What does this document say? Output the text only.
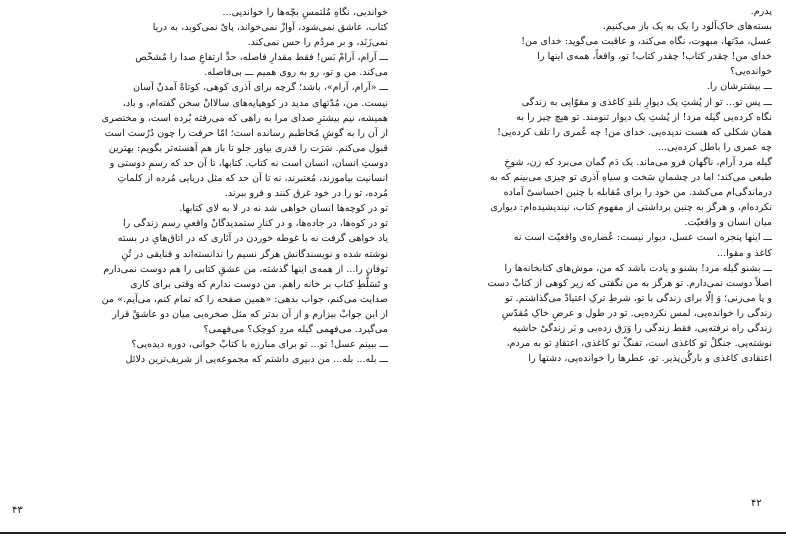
خواندیی، نگاهِ مُلتمسِ بچّه‌ها را خواندیی...

کتاب، عاشق نمی‌شود، آوازْ نمی‌خواند، پایْ نمی‌کوبد، به دریا

نمی‌زَنَد، و بر مردُم را حس نمی‌کند.

ـــ آرام، آرامْ بَس! فقط مقدارِ فاصله، حدِّ ارتفاعِ صدا را مُشخّص

می‌کند. من و تو، رو به روی همیم ـــ بی‌فاصله.

ـــ «آرام، آرام»، باشد؛ گرچه برای آذری کوهی، کوتاهْ آمدنْ آسان

نیست. من، مُدّتهای مدید در کوهپایه‌های سالاانْ سخن گفته‌ام، و باد،

همیشه، نیم بیشترِ صدای مرا به راهی که می‌رفته بُرده است، و مختصری

از آن را به گوشِ مُخاطبم رسانده است؛ امّا حرفت را چون دُرُست است

قبول می‌کنم. سَرَت را قدری بیاور جلو تا باز هم آهسته‌تر بگویم: بهترین

دوستِ انسان، انسان است نه کتاب. کتابها، تا آن حد که رسمِ دوستی و

انسانیت بیاموزند، مُعتبرند، نه تا آن حد که مثل دریایی مُرده از کلماتِ

مُرده، تو را در خود غرق کنند و فرو ببرند.

تو در کوچه‌ها انسان خواهی شد نه در لا به لای کتابها.

تو در کوه‌ها، در جاده‌ها، و در کنارِ ستمدیدگانْ واقعیِ رسم زندگی را

یاد خواهی گرفت نه با غوطه خوردن در آثاری که در اتاق‌هایِ در بسته

نوشته شده و نویسندگانش هرگز نسیم را ندانسته‌اند و قنایقی در تُنِ

توفان را... از همه‌ی اینها گذشته، من عشقِ کتابی را هم دوست نمی‌دارم

و تَسَلُّطِ کتاب بر خانه راهم. من دوست ندارم که وقتی برای کاری

صدایت می‌کنم، جواب بدهی: «همین صفحه را که تمام کنم، می‌آیم.» من

از این جوابْ بیزارم و از آن بدتر که مثل صخره‌یی میان دو عاشقْ قرار

می‌گیرد. می‌فهمی گیله مردِ کوچک؟ می‌فهمی؟

ـــ ببینم عسل! تو... تو برای مبارزه با کتابْ خوانی، دوره دیده‌یی؟

ـــ بله... بله... من دبیری داشتم که مجموعه‌یی از شریف‌ترین دلائل

۴۳

پدرم.

بسته‌های خاک‌آلود را یک به یک باز می‌کنیم.

عسل، مدّتها، مبهوت، نگاه می‌کند، و عاقبت می‌گوید: خدای من!

خدای من! چقدر کتاب! چقدر کتاب! تو، واقعاً، همه‌ی اینها را

خوانده‌یی؟

ـــ بیشترشان را.

ـــ پس تو... تو از پُشتِ یک دیوارِ بلندِ کاغذی و مقوّایی به زندگی

نگاه کرده‌یی گیله مرد! از پُشتِ یک دیوار تنومند. تو هیچ چیز را به

همان شکلی که هست ندیده‌یی. خدای من! چه عُمری را تلف کرده‌یی!

چه عمری را باطل کرده‌یی...

گیله مرد آرام، ناگهان فرو می‌ماند. یک دَم گمان می‌برد که زن، شوخِ

طبعی می‌کند؛ اما در چشمانِ سَخت و سیاهِ آذری تو چیزی می‌بینم که به

درماندگی‌ام می‌کشد. من خود را برای مُقابله با چنین احساسیْ آماده

نکرده‌ام، و هرگز به چنین برداشتی از مفهومِ کتاب، نیندیشیده‌ام: دیواری

میان انسان و واقعیّت.

ـــ اینها پنجره است عسل، دیوار نیست: عُصاره‌ی واقعیّت است نه

کاغذ و مقوا...

ـــ بشنو گیله مرد! بشنو و یادت باشد که من، موش‌های کتابخانه‌ها را

اصلاً دوست نمی‌دارم. تو هرگز به من نگفتی که زیر کوهی از کتابْ دست

و پا می‌زنی؛ وَ اِلّا برای زندگی با تو، شرطِ ترکِ اعتیادْ می‌گذاشتم. تو

زندگی را خوانده‌یی، لمس نکرده‌یی. تو در طول و عرضِ خاکِ مُقدّسِ

زندگی راه نرفته‌یی، فقط زندگی را وَرَق زده‌یی و بَر زندگیْ حاشیه

نوشته‌یی. جنگلْ تو کاغذی است، تفنگْ تو کاغذی، اعتقادِ تو به مردم،

اعتقادی کاغذی و بارگُن‌پذیر. تو، عطرها را خوانده‌یی، دشتها را

۴۲
